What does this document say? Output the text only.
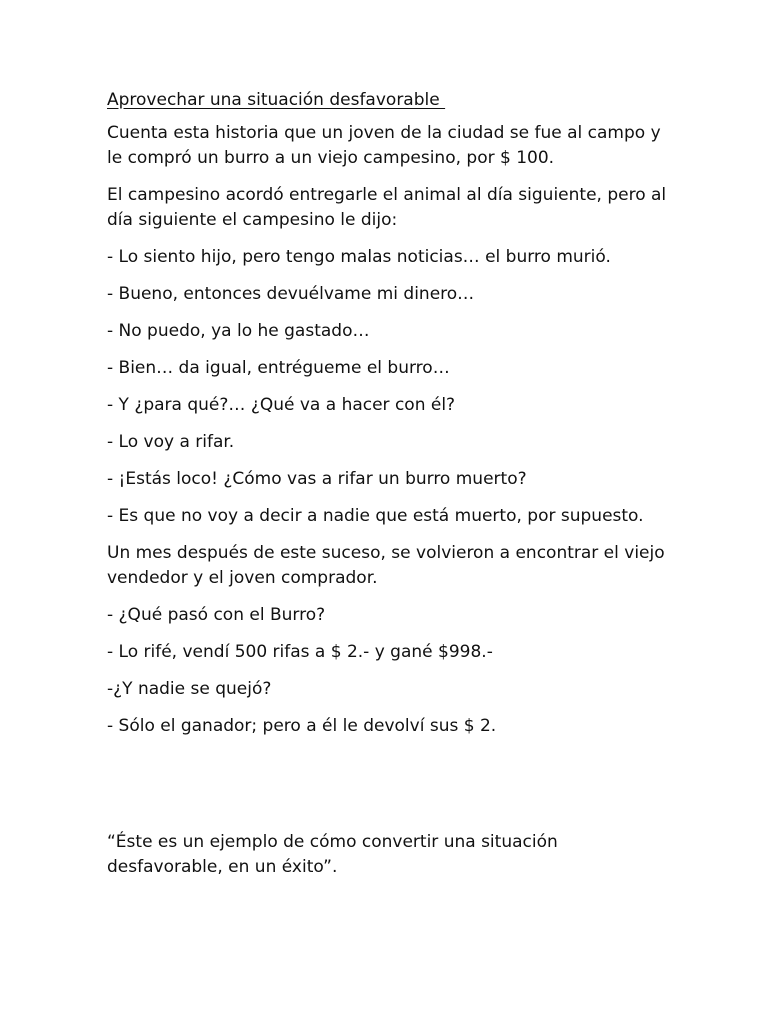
Aprovechar una situación desfavorable

Cuenta esta historia que un joven de la ciudad se fue al campo y le compró un burro a un viejo campesino, por $ 100.

El campesino acordó entregarle el animal al día siguiente, pero al día siguiente el campesino le dijo:

- Lo siento hijo, pero tengo malas noticias… el burro murió.

- Bueno, entonces devuélvame mi dinero…

- No puedo, ya lo he gastado…

- Bien… da igual, entrégueme el burro…

- Y ¿para qué?… ¿Qué va a hacer con él?

- Lo voy a rifar.

- ¡Estás loco! ¿Cómo vas a rifar un burro muerto?

- Es que no voy a decir a nadie que está muerto, por supuesto.

Un mes después de este suceso, se volvieron a encontrar el viejo vendedor y el joven comprador.

- ¿Qué pasó con el Burro?

- Lo rifé, vendí 500 rifas a $ 2.- y gané $998.-

-¿Y nadie se quejó?

- Sólo el ganador; pero a él le devolví sus $ 2.

“Éste es un ejemplo de cómo convertir una situación desfavorable, en un éxito”.
